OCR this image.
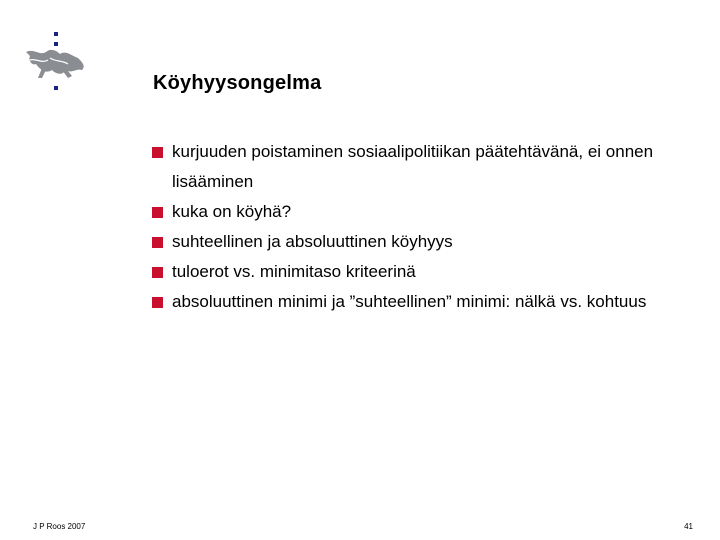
Köyhyysongelma
kurjuuden poistaminen sosiaalipolitiikan päätehtävänä, ei onnen lisääminen
kuka on köyhä?
suhteellinen ja absoluuttinen köyhyys
tuloerot vs. minimitaso kriteerinä
absoluuttinen minimi ja ”suhteellinen” minimi: nälkä vs. kohtuus
J P Roos 2007	41
